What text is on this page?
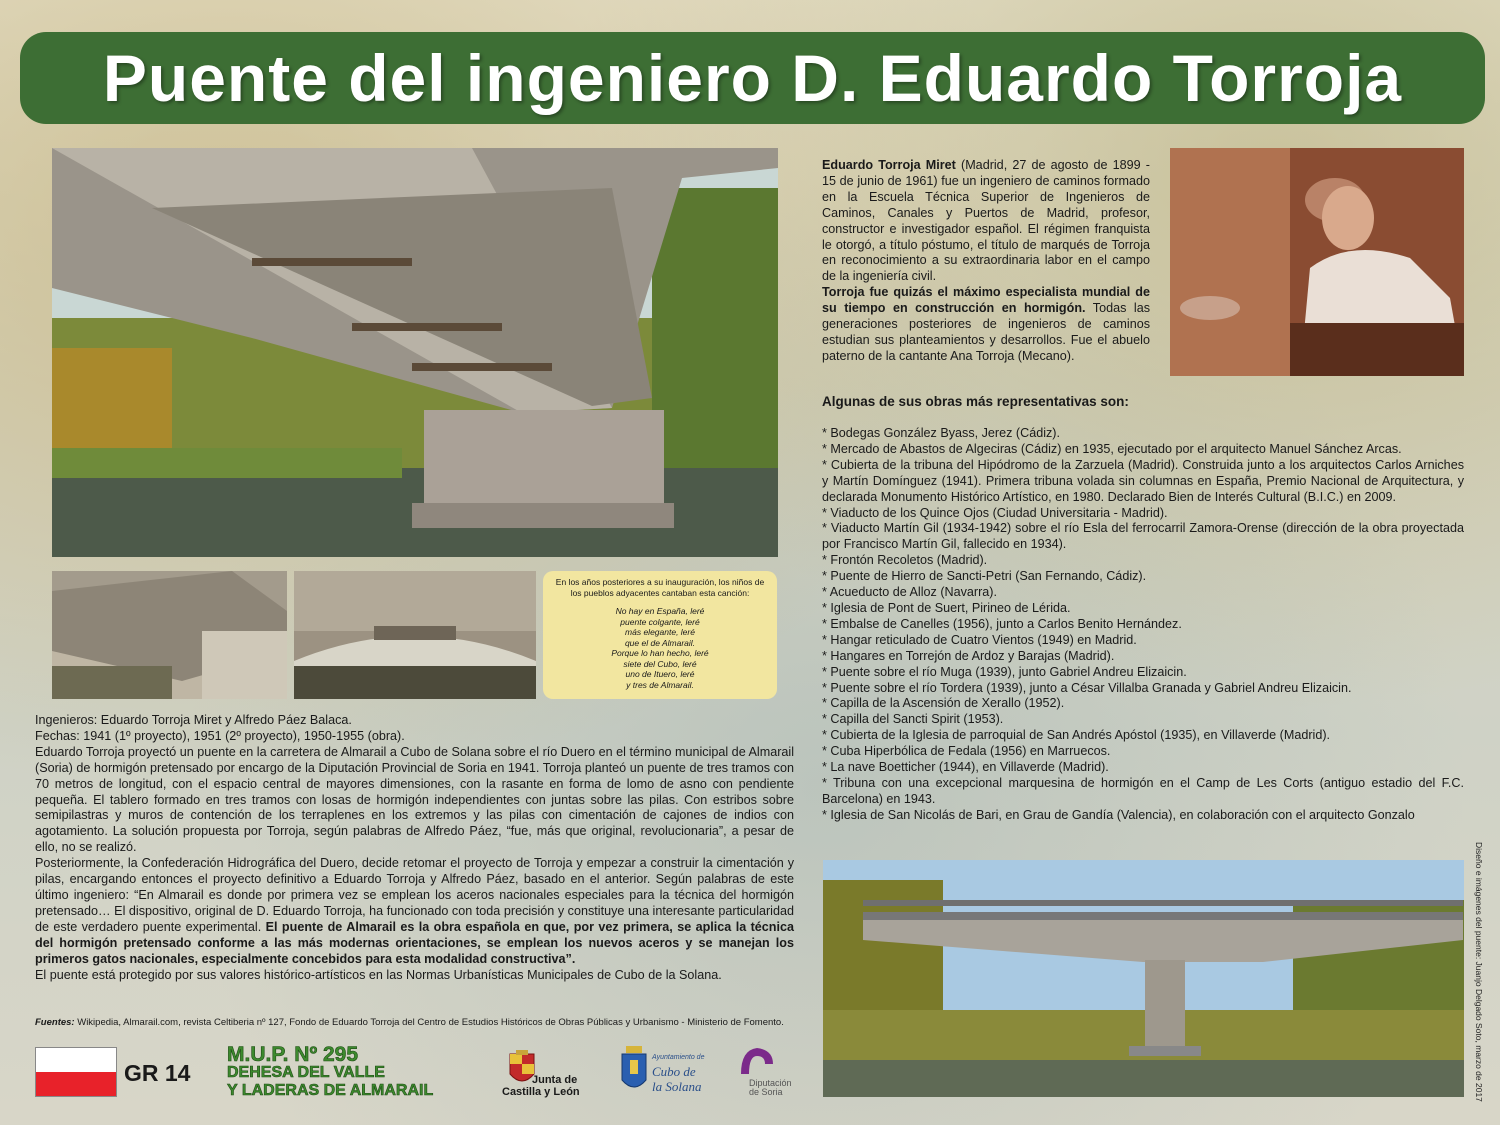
Puente del ingeniero D. Eduardo Torroja
En los años posteriores a su inauguración, los niños de los pueblos adyacentes cantaban esta canción:
No hay en España, leré
puente colgante, leré
más elegante, leré
que el de Almarail.
Porque lo han hecho, leré
siete del Cubo, leré
uno de Ituero, leré
y tres de Almarail.

Eduardo Torroja Miret (Madrid, 27 de agosto de 1899 - 15 de junio de 1961) fue un ingeniero de caminos formado en la Escuela Técnica Superior de Ingenieros de Caminos, Canales y Puertos de Madrid, profesor, constructor e investigador español. El régimen franquista le otorgó, a título póstumo, el título de marqués de Torroja en reconocimiento a su extraordinaria labor en el campo de la ingeniería civil.

Torroja fue quizás el máximo especialista mundial de su tiempo en construcción en hormigón. Todas las generaciones posteriores de ingenieros de caminos estudian sus planteamientos y desarrollos. Fue el abuelo paterno de la cantante Ana Torroja (Mecano).

Algunas de sus obras más representativas son:
* Bodegas González Byass, Jerez (Cádiz).
* Mercado de Abastos de Algeciras (Cádiz) en 1935, ejecutado por el arquitecto Manuel Sánchez Arcas.
* Cubierta de la tribuna del Hipódromo de la Zarzuela (Madrid). Construida junto a los arquitectos Carlos Arniches y Martín Domínguez (1941). Primera tribuna volada sin columnas en España, Premio Nacional de Arquitectura, y declarada Monumento Histórico Artístico, en 1980. Declarado Bien de Interés Cultural (B.I.C.) en 2009.
* Viaducto de los Quince Ojos (Ciudad Universitaria - Madrid).
* Viaducto Martín Gil (1934-1942) sobre el río Esla del ferrocarril Zamora-Orense (dirección de la obra proyectada por Francisco Martín Gil, fallecido en 1934).
* Frontón Recoletos (Madrid).
* Puente de Hierro de Sancti-Petri (San Fernando, Cádiz).
* Acueducto de Alloz (Navarra).
* Iglesia de Pont de Suert, Pirineo de Lérida.
* Embalse de Canelles (1956), junto a Carlos Benito Hernández.
* Hangar reticulado de Cuatro Vientos (1949) en Madrid.
* Hangares en Torrejón de Ardoz y Barajas (Madrid).
* Puente sobre el río Muga (1939), junto Gabriel Andreu Elizaicin.
* Puente sobre el río Tordera (1939), junto a César Villalba Granada y Gabriel Andreu Elizaicin.
* Capilla de la Ascensión de Xerallo (1952).
* Capilla del Sancti Spirit (1953).
* Cubierta de la Iglesia de parroquial de San Andrés Apóstol (1935), en Villaverde (Madrid).
* Cuba Hiperbólica de Fedala (1956) en Marruecos.
* La nave Boetticher (1944), en Villaverde (Madrid).
* Tribuna con una excepcional marquesina de hormigón en el Camp de Les Corts (antiguo estadio del F.C. Barcelona) en 1943.
* Iglesia de San Nicolás de Bari, en Grau de Gandía (Valencia), en colaboración con el arquitecto Gonzalo

Ingenieros: Eduardo Torroja Miret y Alfredo Páez Balaca.

Fechas: 1941 (1º proyecto), 1951 (2º proyecto), 1950-1955 (obra).

Eduardo Torroja proyectó un puente en la carretera de Almarail a Cubo de Solana sobre el río Duero en el término municipal de Almarail (Soria) de hormigón pretensado por encargo de la Diputación Provincial de Soria en 1941. Torroja planteó un puente de tres tramos con 70 metros de longitud, con el espacio central de mayores dimensiones, con la rasante en forma de lomo de asno con pendiente pequeña. El tablero formado en tres tramos con losas de hormigón independientes con juntas sobre las pilas. Con estribos sobre semipilastras y muros de contención de los terraplenes en los extremos y las pilas con cimentación de cajones de indios con agotamiento. La solución propuesta por Torroja, según palabras de Alfredo Páez, “fue, más que original, revolucionaria”, a pesar de ello, no se realizó.

Posteriormente, la Confederación Hidrográfica del Duero, decide retomar el proyecto de Torroja y empezar a construir la cimentación y pilas, encargando entonces el proyecto definitivo a Eduardo Torroja y Alfredo Páez, basado en el anterior. Según palabras de este último ingeniero: “En Almarail es donde por primera vez se emplean los aceros nacionales especiales para la técnica del hormigón pretensado… El dispositivo, original de D. Eduardo Torroja, ha funcionado con toda precisión y constituye una interesante particularidad de este verdadero puente experimental. El puente de Almarail es la obra española en que, por vez primera, se aplica la técnica del hormigón pretensado conforme a las más modernas orientaciones, se emplean los nuevos aceros y se manejan los primeros gatos nacionales, especialmente concebidos para esta modalidad constructiva”.

El puente está protegido por sus valores histórico-artísticos en las Normas Urbanísticas Municipales de Cubo de la Solana.

Fuentes: Wikipedia, Almarail.com, revista Celtiberia nº 127, Fondo de Eduardo Torroja del Centro de Estudios Históricos de Obras Públicas y Urbanismo - Ministerio de Fomento.
GR 14
M.U.P. Nº 295
DEHESA DEL VALLE
Y LADERAS DE ALMARAIL
Junta de
Castilla y León
Ayuntamiento de
Cubo de
la Solana	Diputación
de Soria	Diseño e imágenes del puente: Juanjo Delgado Soto, marzo de 2017
